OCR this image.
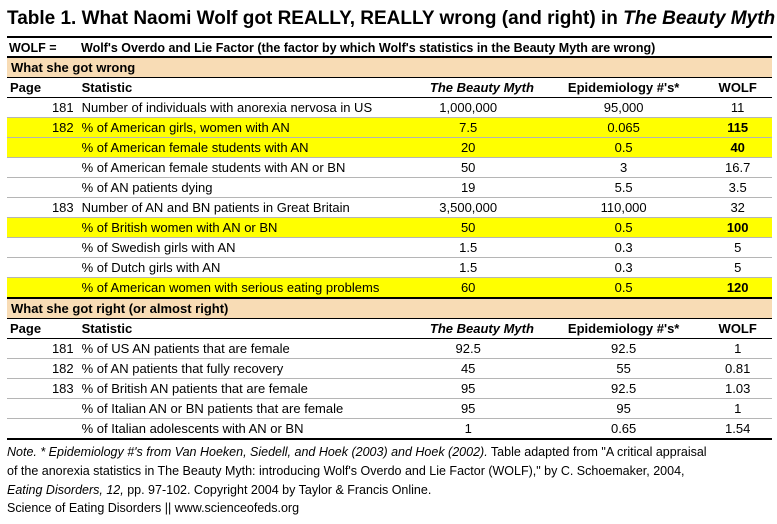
Table 1. What Naomi Wolf got REALLY, REALLY wrong (and right) in The Beauty Myth
WOLF = Wolf's Overdo and Lie Factor (the factor by which Wolf's statistics in the Beauty Myth are wrong)
What she got wrong				
Page	Statistic	The Beauty Myth	Epidemiology #'s*	WOLF
181	Number of individuals with anorexia nervosa in US	1,000,000	95,000	11
182	% of American girls, women with AN	7.5	0.065	115
	% of American female students with AN	20	0.5	40
	% of American female students with AN or BN	50	3	16.7
	% of AN patients dying	19	5.5	3.5
183	Number of AN and BN patients in Great Britain	3,500,000	110,000	32
	% of British women with AN or BN	50	0.5	100
	% of Swedish girls with AN	1.5	0.3	5
	% of Dutch girls with AN	1.5	0.3	5
	% of American women with serious eating problems	60	0.5	120
What she got right (or almost right)				
Page	Statistic	The Beauty Myth	Epidemiology #'s*	WOLF
181	% of US AN patients that are female	92.5	92.5	1
182	% of AN patients that fully recovery	45	55	0.81
183	% of British AN patients that are female	95	92.5	1.03
	% of Italian AN or BN patients that are female	95	95	1
	% of Italian adolescents with AN or BN	1	0.65	1.54
Note. * Epidemiology #'s from Van Hoeken, Siedell, and Hoek (2003) and Hoek (2002). Table adapted from "A critical appraisal
of the anorexia statistics in The Beauty Myth: introducing Wolf's Overdo and Lie Factor (WOLF)," by C. Schoemaker, 2004,
Eating Disorders, 12, pp. 97-102. Copyright 2004 by Taylor & Francis Online.
Science of Eating Disorders || www.scienceofeds.org
